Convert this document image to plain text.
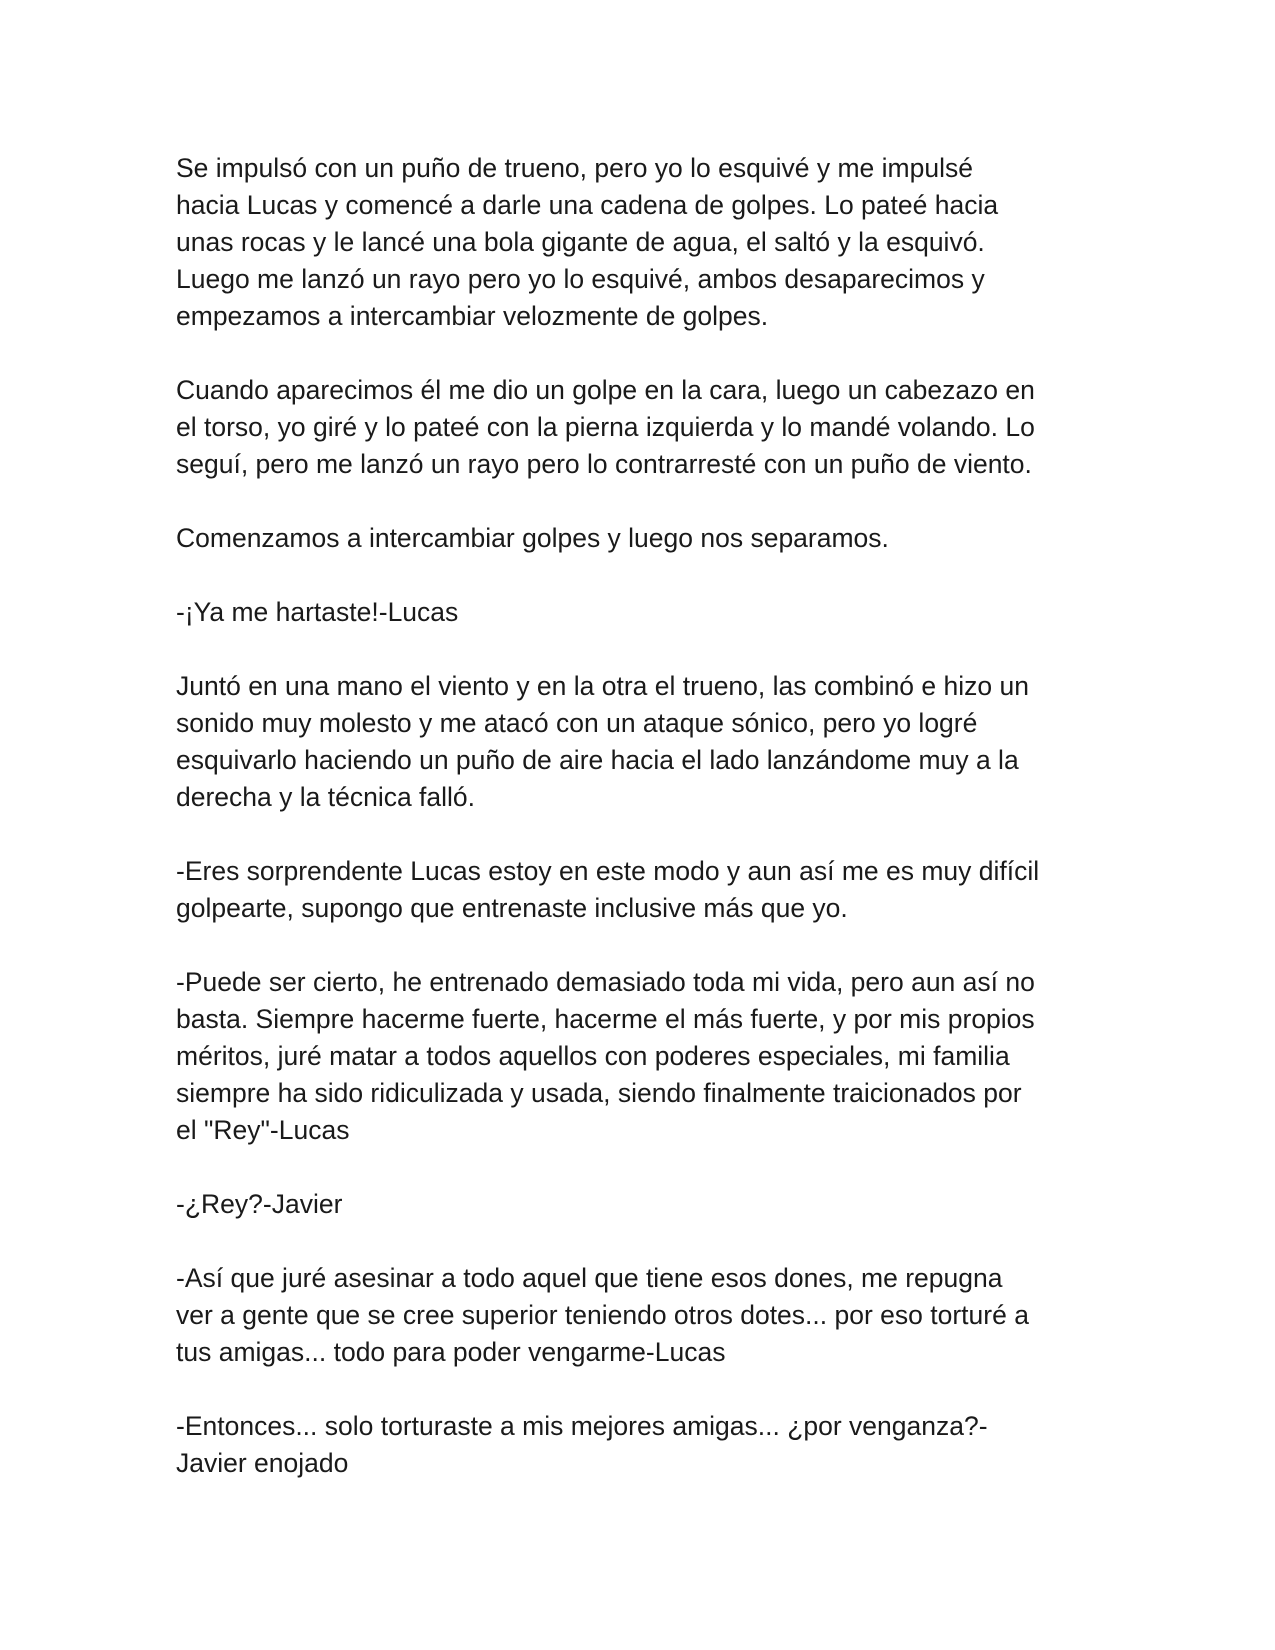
Se impulsó con un puño de trueno, pero yo lo esquivé y me impulsé
hacia Lucas y comencé a darle una cadena de golpes. Lo pateé hacia
unas rocas y le lancé una bola gigante de agua, el saltó y la esquivó.
Luego me lanzó un rayo pero yo lo esquivé, ambos desaparecimos y
empezamos a intercambiar velozmente de golpes.

Cuando aparecimos él me dio un golpe en la cara, luego un cabezazo en
el torso, yo giré y lo pateé con la pierna izquierda y lo mandé volando. Lo
seguí, pero me lanzó un rayo pero lo contrarresté con un puño de viento.

Comenzamos a intercambiar golpes y luego nos separamos.

-¡Ya me hartaste!-Lucas

Juntó en una mano el viento y en la otra el trueno, las combinó e hizo un
sonido muy molesto y me atacó con un ataque sónico, pero yo logré
esquivarlo haciendo un puño de aire hacia el lado lanzándome muy a la
derecha y la técnica falló.

-Eres sorprendente Lucas estoy en este modo y aun así me es muy difícil
golpearte, supongo que entrenaste inclusive más que yo.

-Puede ser cierto, he entrenado demasiado toda mi vida, pero aun así no
basta. Siempre hacerme fuerte, hacerme el más fuerte, y por mis propios
méritos, juré matar a todos aquellos con poderes especiales, mi familia
siempre ha sido ridiculizada y usada, siendo finalmente traicionados por
el "Rey"-Lucas

-¿Rey?-Javier

-Así que juré asesinar a todo aquel que tiene esos dones, me repugna
ver a gente que se cree superior teniendo otros dotes... por eso torturé a
tus amigas... todo para poder vengarme-Lucas

-Entonces... solo torturaste a mis mejores amigas... ¿por venganza?-
Javier enojado
